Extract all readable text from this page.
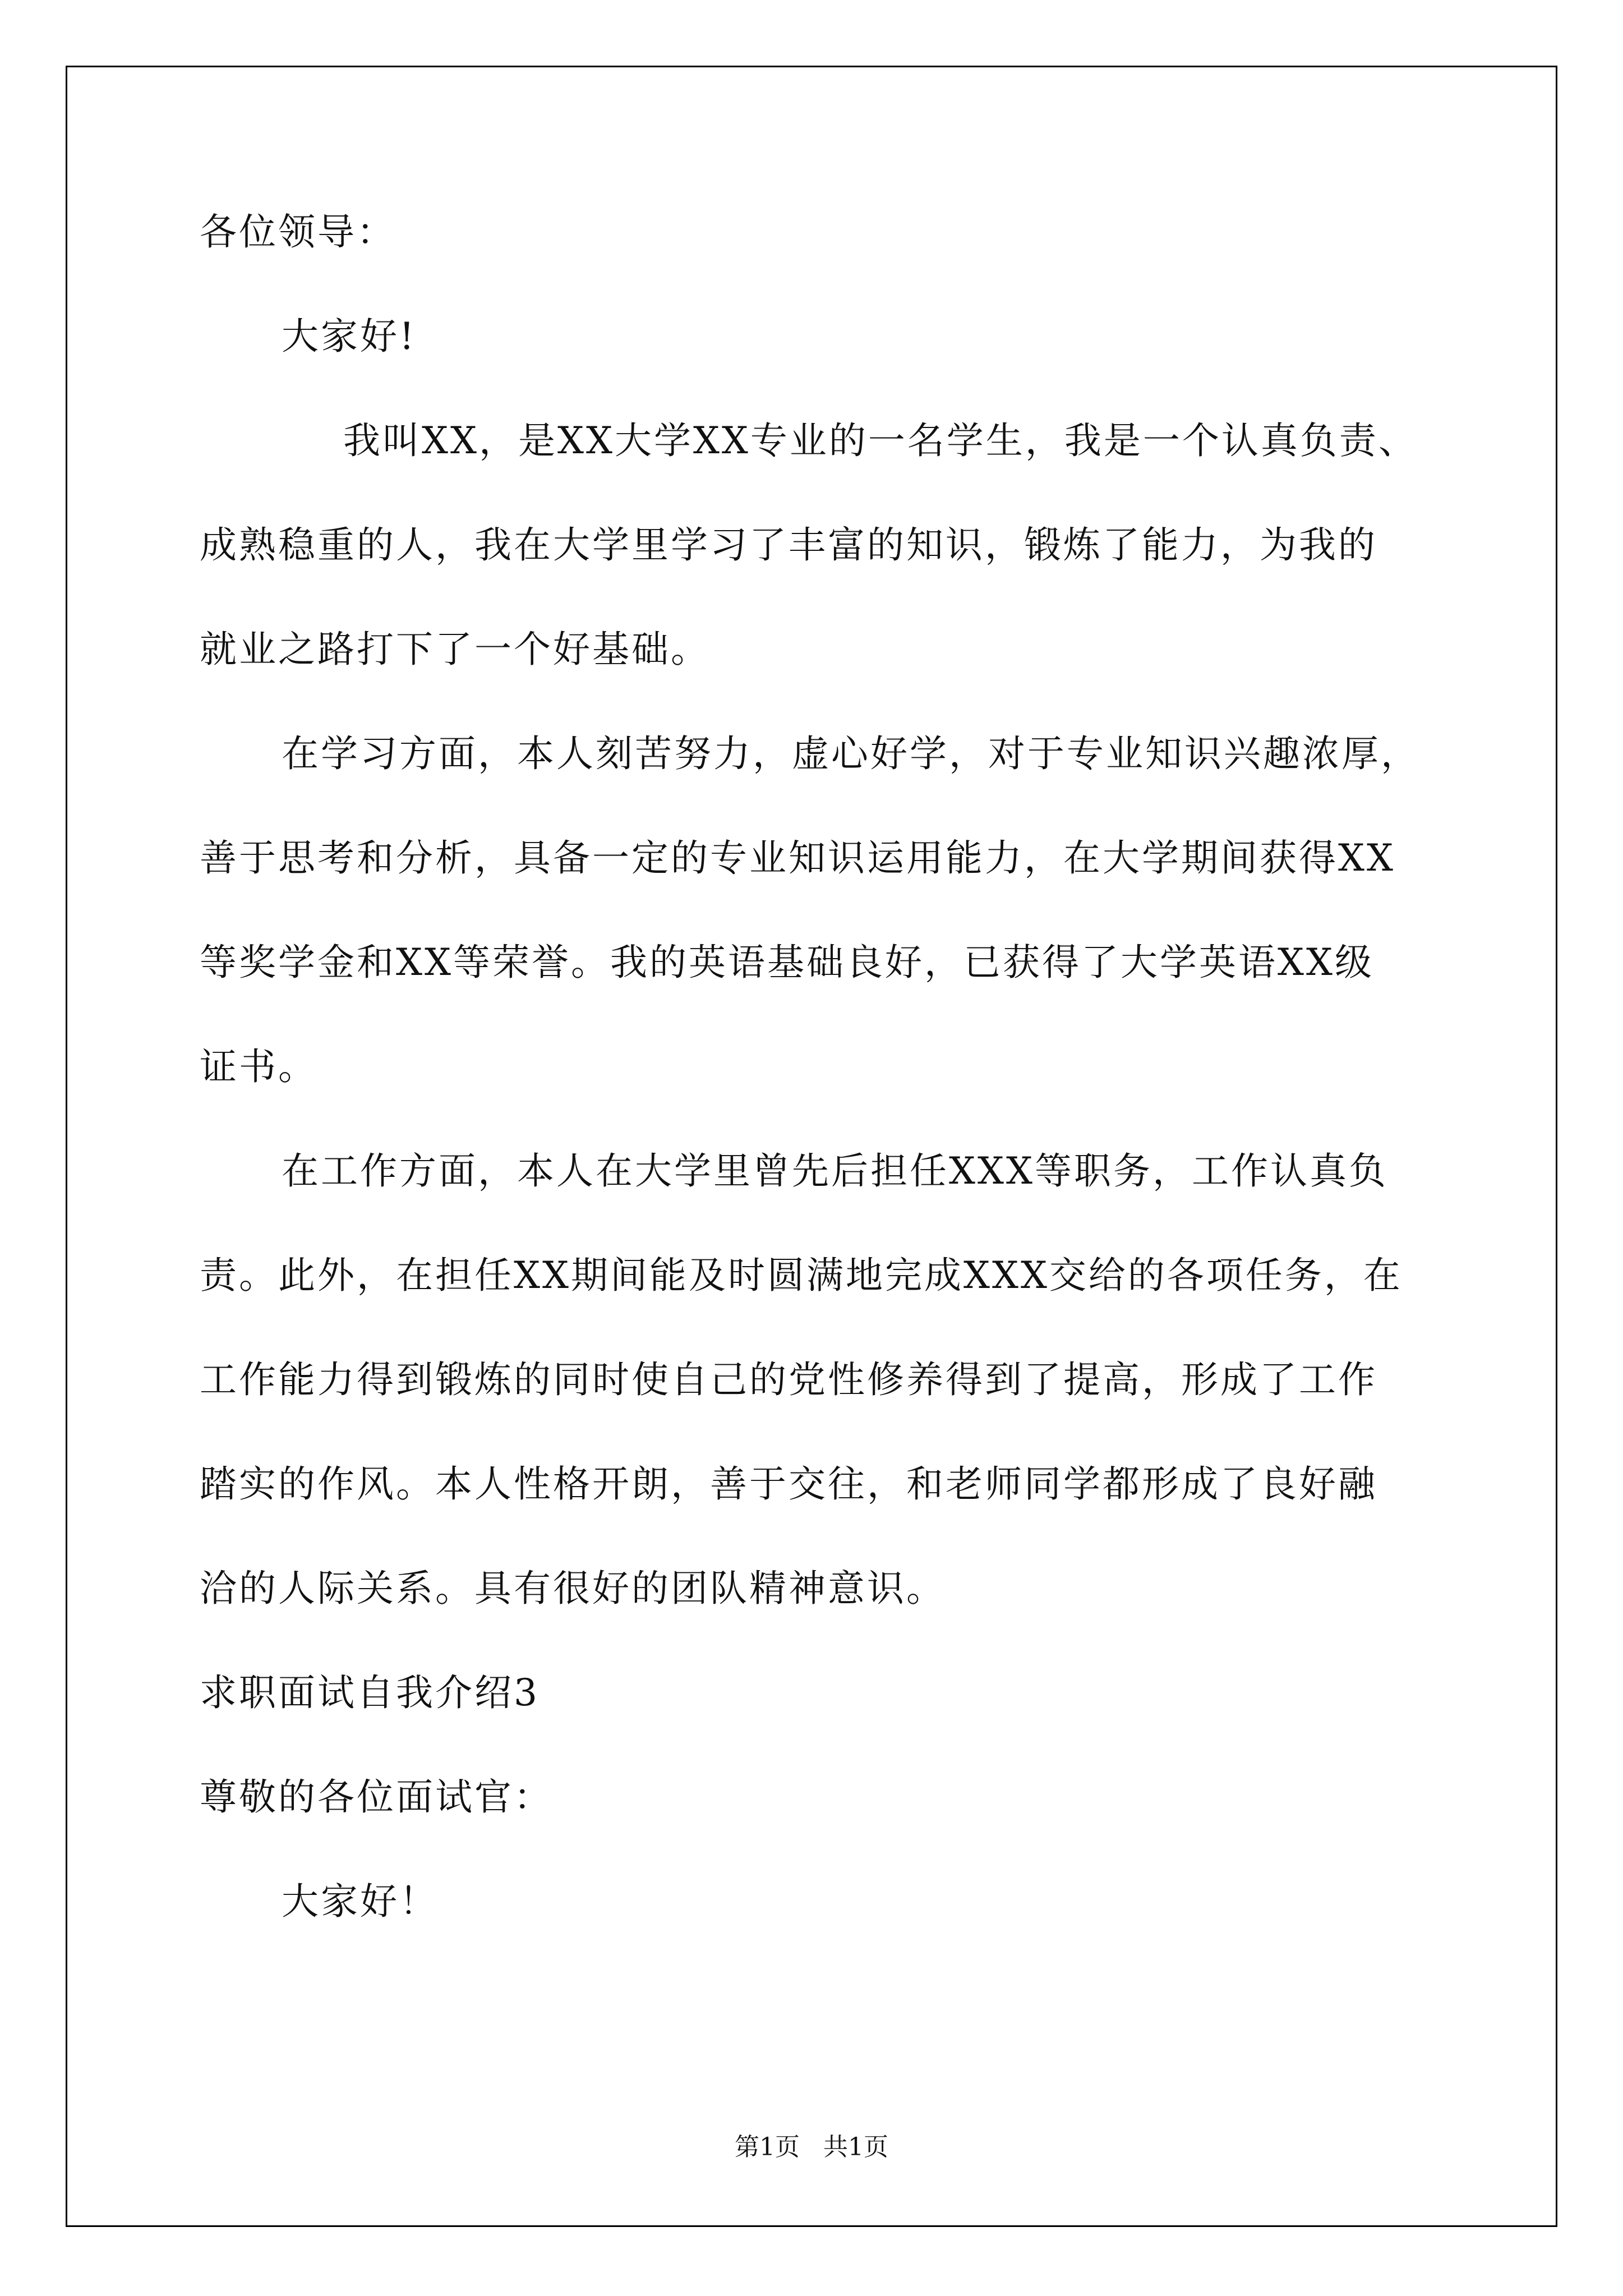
各位领导：
大家好!
我叫XX，是XX大学XX专业的一名学生，我是一个认真负责、
成熟稳重的人，我在大学里学习了丰富的知识，锻炼了能力，为我的
就业之路打下了一个好基础。
在学习方面，本人刻苦努力，虚心好学，对于专业知识兴趣浓厚，
善于思考和分析，具备一定的专业知识运用能力，在大学期间获得XX
等奖学金和XX等荣誉。我的英语基础良好，已获得了大学英语XX级
证书。
在工作方面，本人在大学里曾先后担任XXX等职务，工作认真负
责。此外，在担任XX期间能及时圆满地完成XXX交给的各项任务，在
工作能力得到锻炼的同时使自己的党性修养得到了提高，形成了工作
踏实的作风。本人性格开朗，善于交往，和老师同学都形成了良好融
洽的人际关系。具有很好的团队精神意识。
求职面试自我介绍3
尊敬的各位面试官：
大家好！
第1页   共1页
